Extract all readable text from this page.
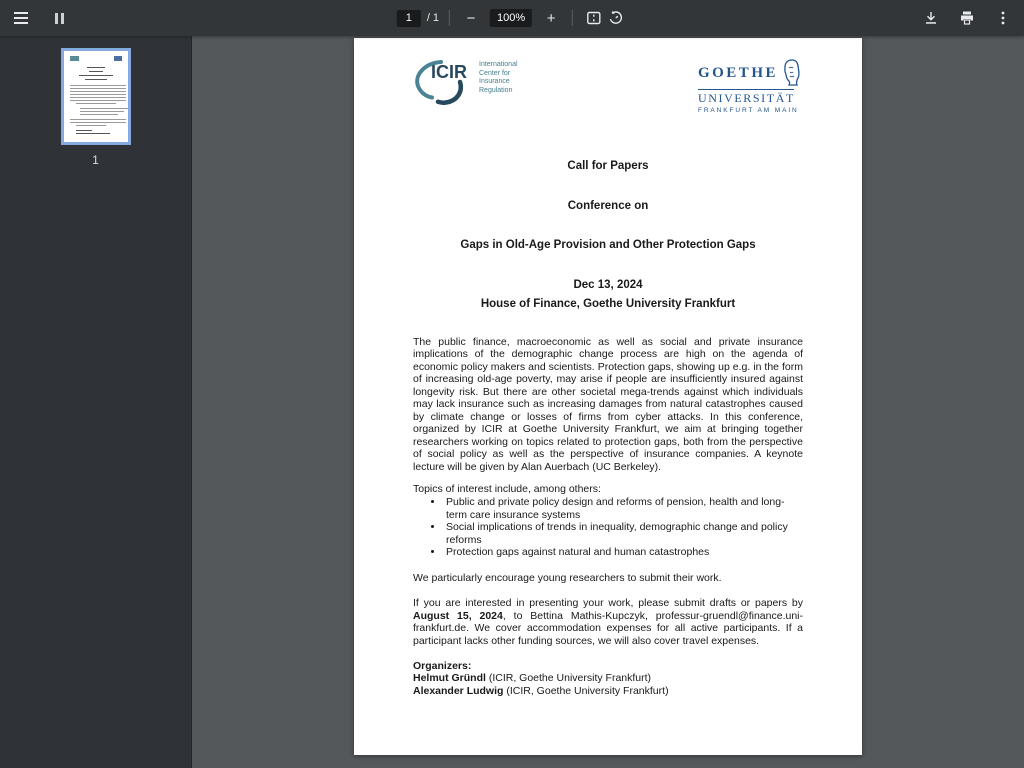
1
/ 1	−	100%	+
1
ICIR International
Center for
Insurance
Regulation
GOETHE
UNIVERSITÄT
FRANKFURT AM MAIN
Call for Papers
Conference on
Gaps in Old-Age Provision and Other Protection Gaps
Dec 13, 2024
House of Finance, Goethe University Frankfurt

The public finance, macroeconomic as well as social and private insurance implications of the demographic change process are high on the agenda of economic policy makers and scientists. Protection gaps, showing up e.g. in the form of increasing old-age poverty, may arise if people are insufficiently insured against longevity risk. But there are other societal mega-trends against which individuals may lack insurance such as increasing damages from natural catastrophes caused by climate change or losses of firms from cyber attacks. In this conference, organized by ICIR at Goethe University Frankfurt, we aim at bringing together researchers working on topics related to protection gaps, both from the perspective of social policy as well as the perspective of insurance companies. A keynote lecture will be given by Alan Auerbach (UC Berkeley).

Topics of interest include, among others:

• Public and private policy design and reforms of pension, health and long-term care insurance systems
• Social implications of trends in inequality, demographic change and policy reforms
• Protection gaps against natural and human catastrophes

We particularly encourage young researchers to submit their work.

If you are interested in presenting your work, please submit drafts or papers by August 15, 2024, to Bettina Mathis-Kupczyk, professur-gruendl@finance.uni-frankfurt.de. We cover accommodation expenses for all active participants. If a participant lacks other funding sources, we will also cover travel expenses.

Organizers:
Helmut Gründl (ICIR, Goethe University Frankfurt)
Alexander Ludwig (ICIR, Goethe University Frankfurt)
